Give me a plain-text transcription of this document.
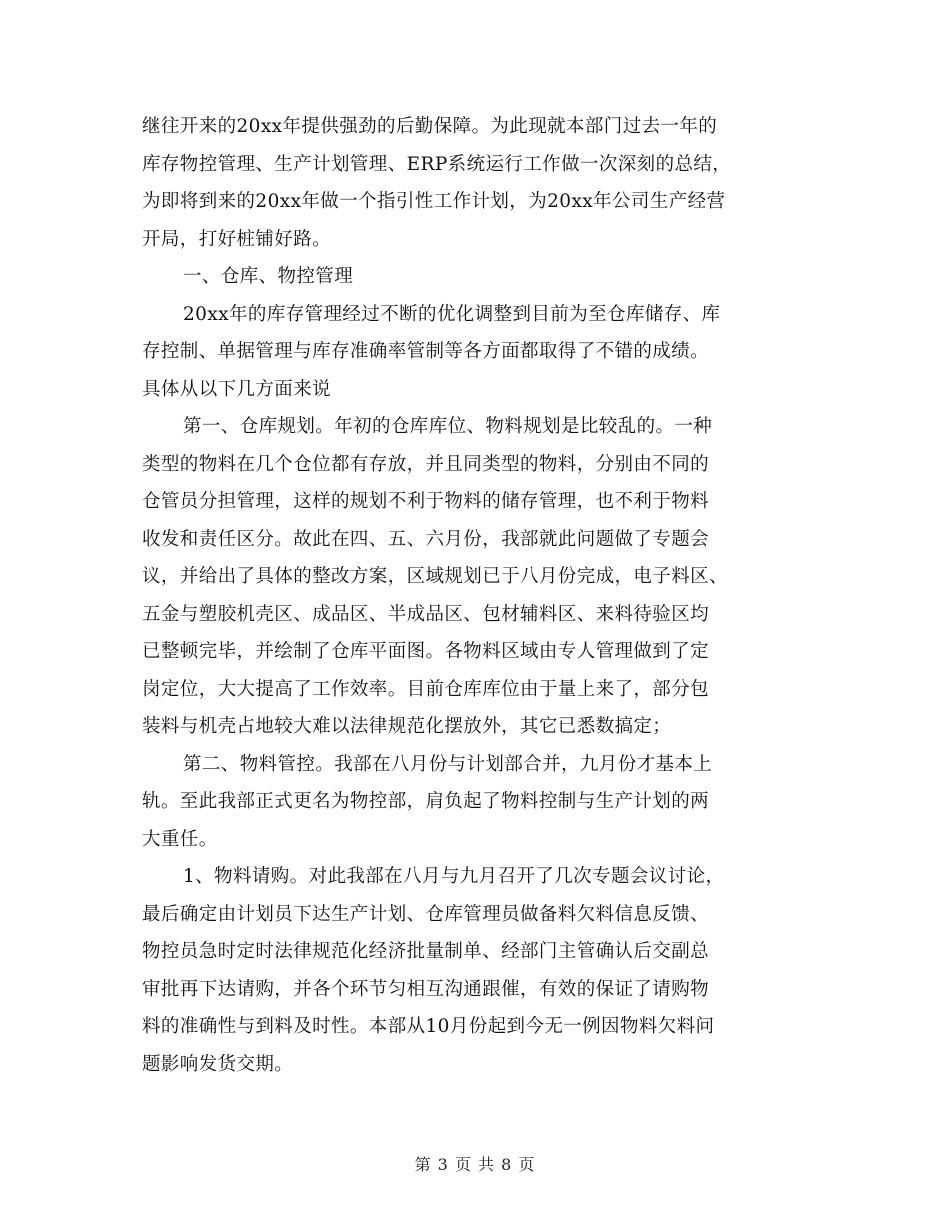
继往开来的20xx年提供强劲的后勤保障。为此现就本部门过去一年的
库存物控管理、生产计划管理、ERP系统运行工作做一次深刻的总结，
为即将到来的20xx年做一个指引性工作计划，为20xx年公司生产经营
开局，打好桩铺好路。
一、仓库、物控管理
20xx年的库存管理经过不断的优化调整到目前为至仓库储存、库
存控制、单据管理与库存准确率管制等各方面都取得了不错的成绩。
具体从以下几方面来说
第一、仓库规划。年初的仓库库位、物料规划是比较乱的。一种
类型的物料在几个仓位都有存放，并且同类型的物料，分别由不同的
仓管员分担管理，这样的规划不利于物料的储存管理，也不利于物料
收发和责任区分。故此在四、五、六月份，我部就此问题做了专题会
议，并给出了具体的整改方案，区域规划已于八月份完成，电子料区、
五金与塑胶机壳区、成品区、半成品区、包材辅料区、来料待验区均
已整顿完毕，并绘制了仓库平面图。各物料区域由专人管理做到了定
岗定位，大大提高了工作效率。目前仓库库位由于量上来了，部分包
装料与机壳占地较大难以法律规范化摆放外，其它已悉数搞定；
第二、物料管控。我部在八月份与计划部合并，九月份才基本上
轨。至此我部正式更名为物控部，肩负起了物料控制与生产计划的两
大重任。
1、物料请购。对此我部在八月与九月召开了几次专题会议讨论，
最后确定由计划员下达生产计划、仓库管理员做备料欠料信息反馈、
物控员急时定时法律规范化经济批量制单、经部门主管确认后交副总
审批再下达请购，并各个环节匀相互沟通跟催，有效的保证了请购物
料的准确性与到料及时性。本部从10月份起到今无一例因物料欠料问
题影响发货交期。
第 3 页 共 8 页
